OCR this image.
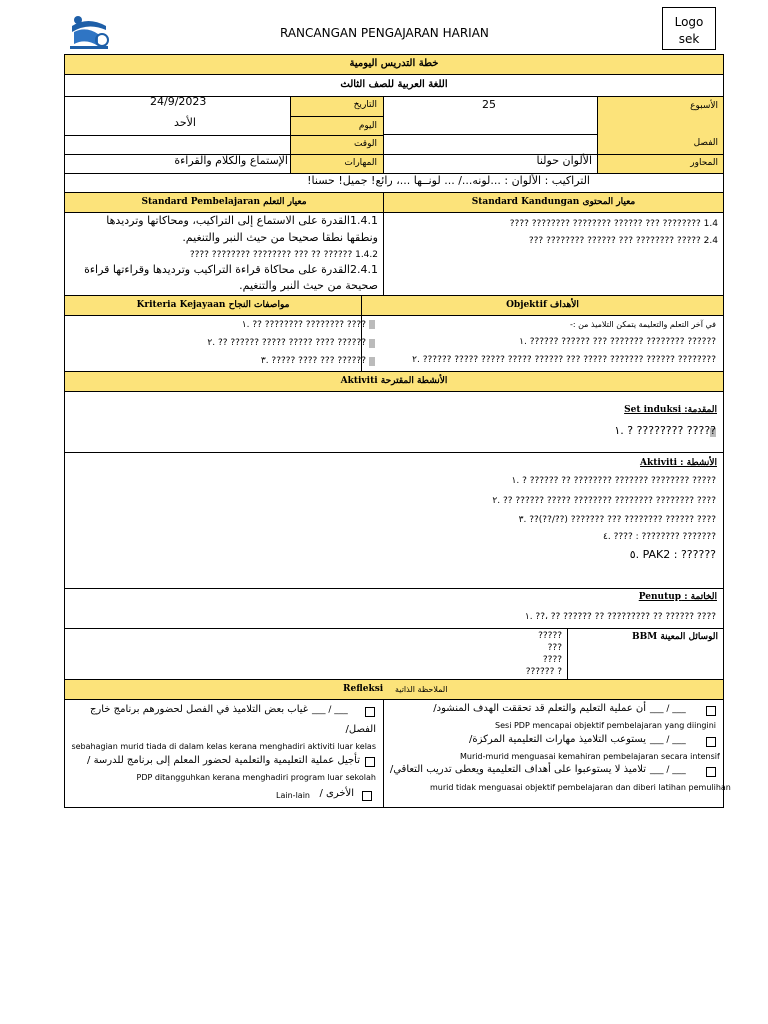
RANCANGAN PENGAJARAN HARIAN
Logo sek
خطة التدريس اليومية
اللغة العربية للصف الثالث
الأسبوع
25
الفصل
التاريخ
24/9/2023
اليوم
الأحد
الوقت
المحاور
الألوان حولنا
المهارات
الإستماع والكلام والقراءة
التراكيب : الألوان : ...لونه.../ ... لونــها ...، رائع! جميل! حسنا!
Standard Kandungan معيار المحتوى
Standard Pembelajaran معيار التعلم
???? ???????? ???????? ?????? ??? ???????? 1.4
??? ???????? ?????? ??? ???????? ????? 2.4
1.4.1القدرة على الاستماع إلى التراكيب، ومحاكاتها وترديدها
ونطقها نطقا صحيحا من حيث النبر والتنغيم.
???? ???????? ???????? ??? ?? ?????? 1.4.2
2.4.1القدرة على محاكاة قراءة التراكيب وترديدها وقراءتها قراءة
صحيحة من حيث النبر والتنغيم.
Objektif الأهداف
Kriteria Kejayaan مواصفات النجاح
في آخر التعلم والتعليمة يتمكن التلاميذ من :-
١. ?????? ?????? ??? ??????? ???????? ??????
٢. ?????? ????? ????? ????? ?????? ??? ????? ??????? ?????? ????????
١. ?? ???????? ???????? ????
٢. ?? ?????? ????? ????? ???? ??????
٣. ????? ???? ??? ??????
Aktiviti الأنشطة المقترحة
المقدمة: Set induksi
١. ? ???????? ?????
الأنشطة : Aktiviti
١. ? ?????? ?? ???????? ??????? ???????? ?????
٢. ?? ?????? ????? ???????? ???????? ???????? ????
٣. ??(??/??) ??????? ??? ???????? ?????? ????
٤. ???? : ???????? ???????
٥. PAK2 : ??????
الخاتمة : Penutup
١. ??، ?? ?????? ?? ????????? ?? ?????? ????
الوسائل المعينة BBM
?????
???
????
?????? ?
Refleksi الملاحظة الذاتية
___ / ___
أن عملية التعليم والتعلم قد تحققت الهدف المنشود/
Sesi PDP mencapai objektif pembelajaran yang diingini
___ / ___
يستوعب التلاميذ مهارات التعليمية المركزة/
Murid-murid menguasai kemahiran pembelajaran secara intensif
___ / ___
تلاميذ لا يستوعبوا على أهداف التعليمية ويعطى تدريب التعاقي/
murid tidak menguasai objektif pembelajaran dan diberi latihan pemulihan
___ / ___
غياب بعض التلاميذ في الفصل لحضورهم برنامج خارج
الفصل/
sebahagian murid tiada di dalam kelas kerana menghadiri aktiviti luar kelas
تأجيل عملية التعليمية والتعلمية لحضور المعلم إلى برنامج للدرسة /
PDP ditangguhkan kerana menghadiri program luar sekolah
الأخرى /
Lain-lain
